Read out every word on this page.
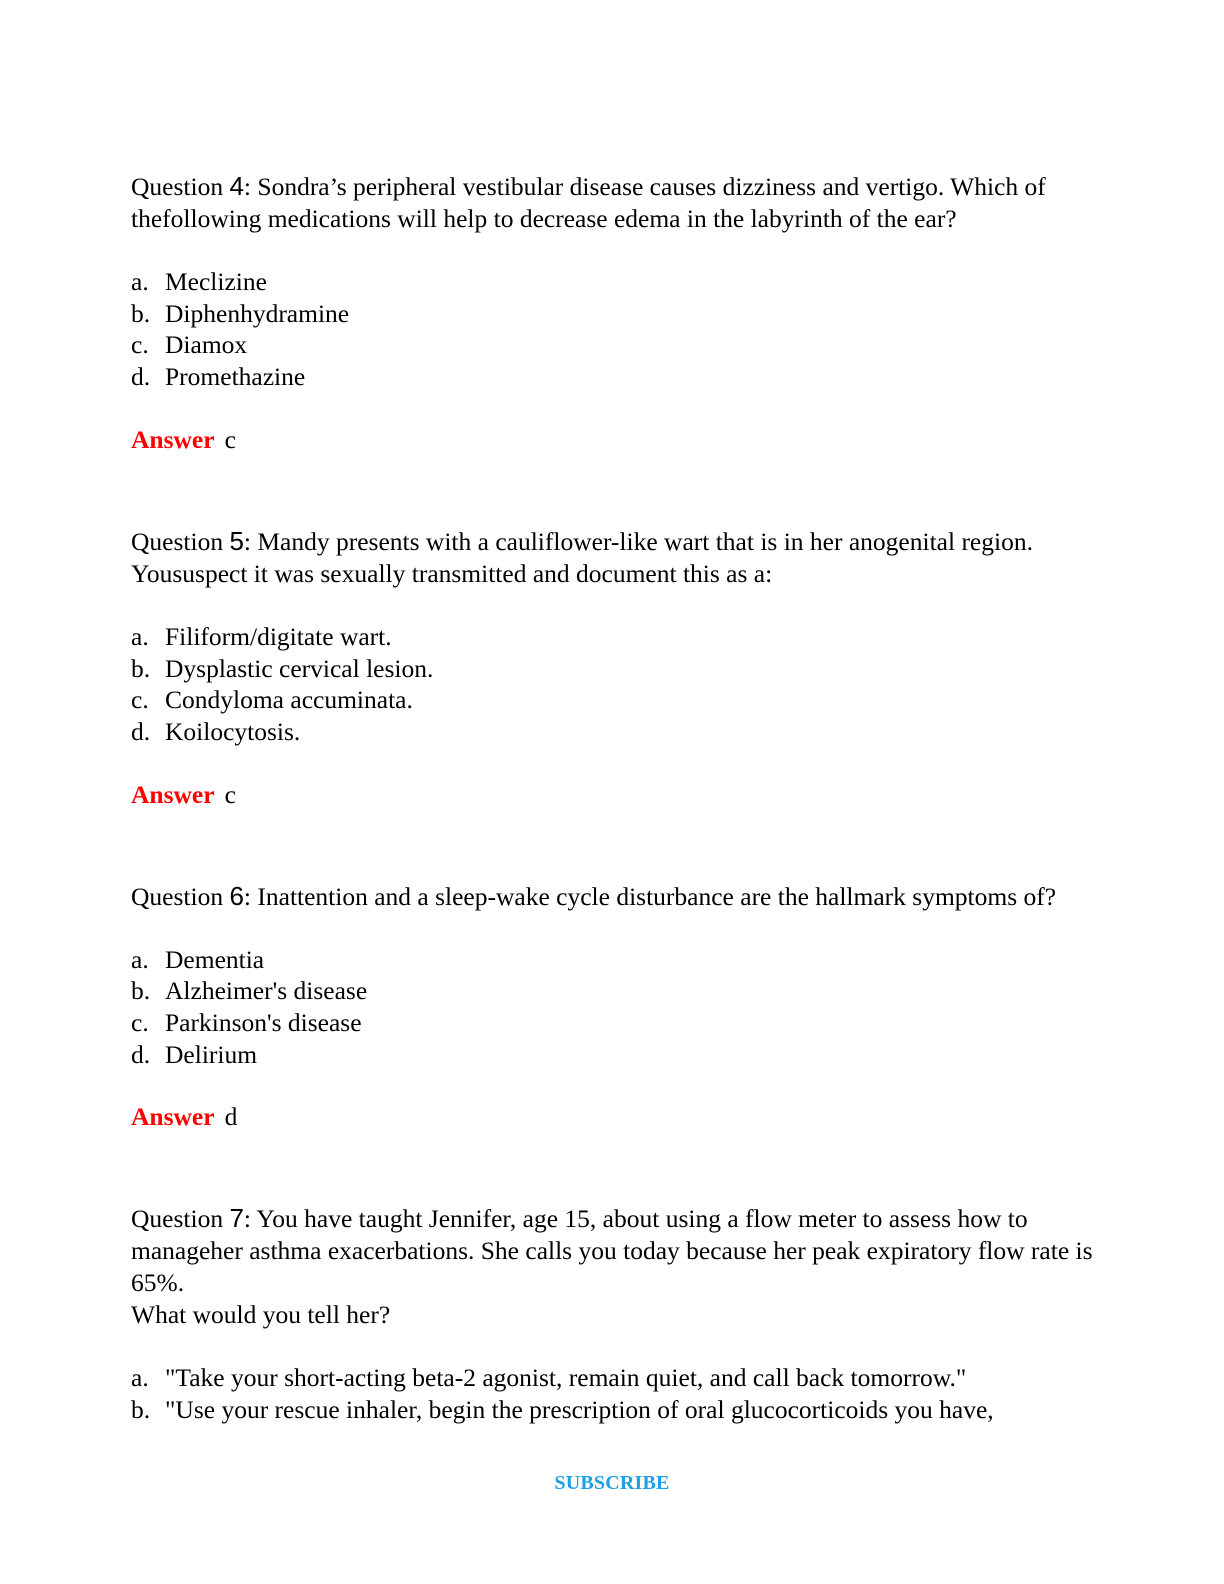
Question 4: Sondra’s peripheral vestibular disease causes dizziness and vertigo. Which of thefollowing medications will help to decrease edema in the labyrinth of the ear?

a. Meclizine
b. Diphenhydramine
c. Diamox
d. Promethazine

Answer c

Question 5: Mandy presents with a cauliflower-like wart that is in her anogenital region. Yoususpect it was sexually transmitted and document this as a:

a. Filiform/digitate wart.
b. Dysplastic cervical lesion.
c. Condyloma accuminata.
d. Koilocytosis.

Answer c

Question 6: Inattention and a sleep-wake cycle disturbance are the hallmark symptoms of?

a. Dementia
b. Alzheimer's disease
c. Parkinson's disease
d. Delirium

Answer d

Question 7: You have taught Jennifer, age 15, about using a flow meter to assess how to manageher asthma exacerbations. She calls you today because her peak expiratory flow rate is 65%.
What would you tell her?

a. "Take your short-acting beta-2 agonist, remain quiet, and call back tomorrow."
b. "Use your rescue inhaler, begin the prescription of oral glucocorticoids you have,
SUBSCRIBE
